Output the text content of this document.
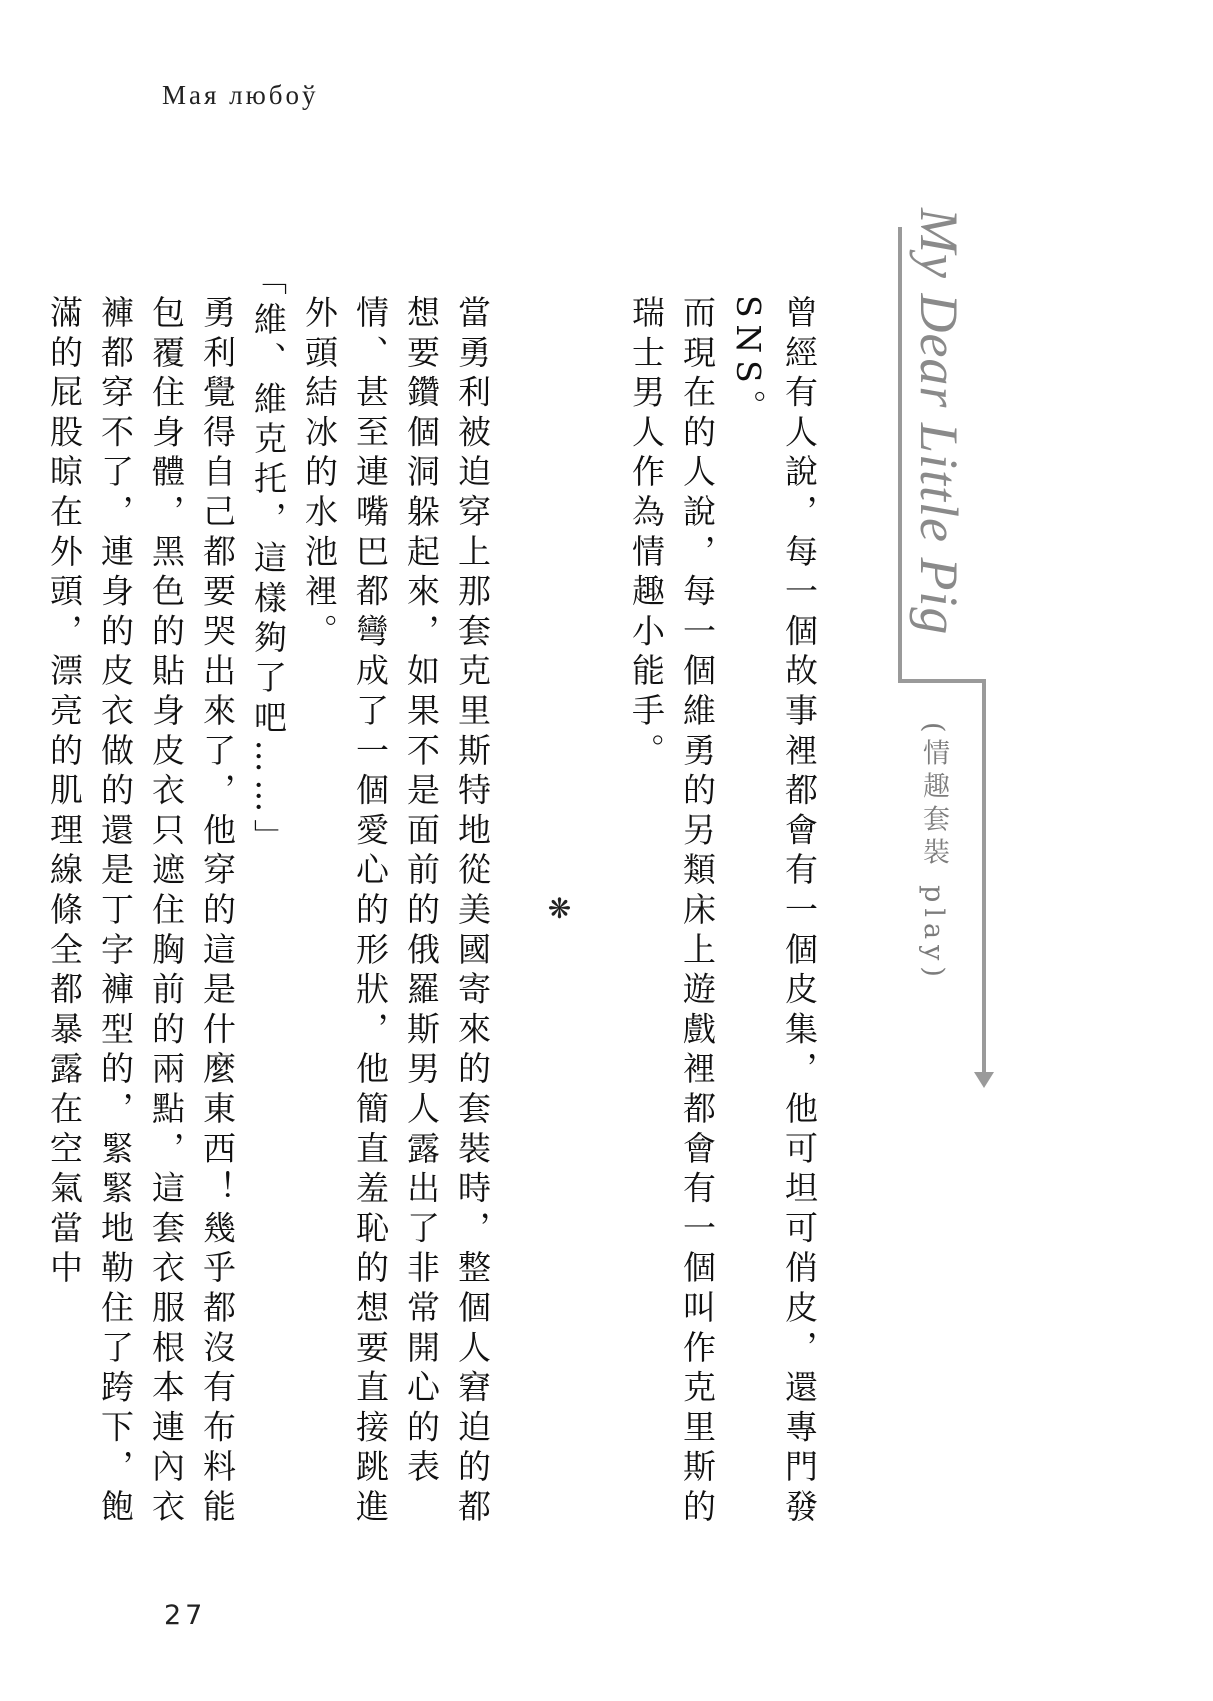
Мая любоў
My Dear Little Pig
(情趣套裝 play)

曾經有人說，每一個故事裡都會有一個皮集，他可坦可俏皮，還專門發 SNS。

而現在的人說，每一個維勇的另類床上遊戲裡都會有一個叫作克里斯的瑞士男人作為情趣小能手。

❋

當勇利被迫穿上那套克里斯特地從美國寄來的套裝時，整個人窘迫的都想要鑽個洞躲起來，如果不是面前的俄羅斯男人露出了非常開心的表情、甚至連嘴巴都彎成了一個愛心的形狀，他簡直羞恥的想要直接跳進外頭結冰的水池裡。

「維、維克托，這樣夠了吧……」

勇利覺得自己都要哭出來了，他穿的這是什麼東西！幾乎都沒有布料能包覆住身體，黑色的貼身皮衣只遮住胸前的兩點，這套衣服根本連內衣褲都穿不了，連身的皮衣做的還是丁字褲型的，緊緊地勒住了跨下，飽滿的屁股晾在外頭，漂亮的肌理線條全都暴露在空氣當中

27
